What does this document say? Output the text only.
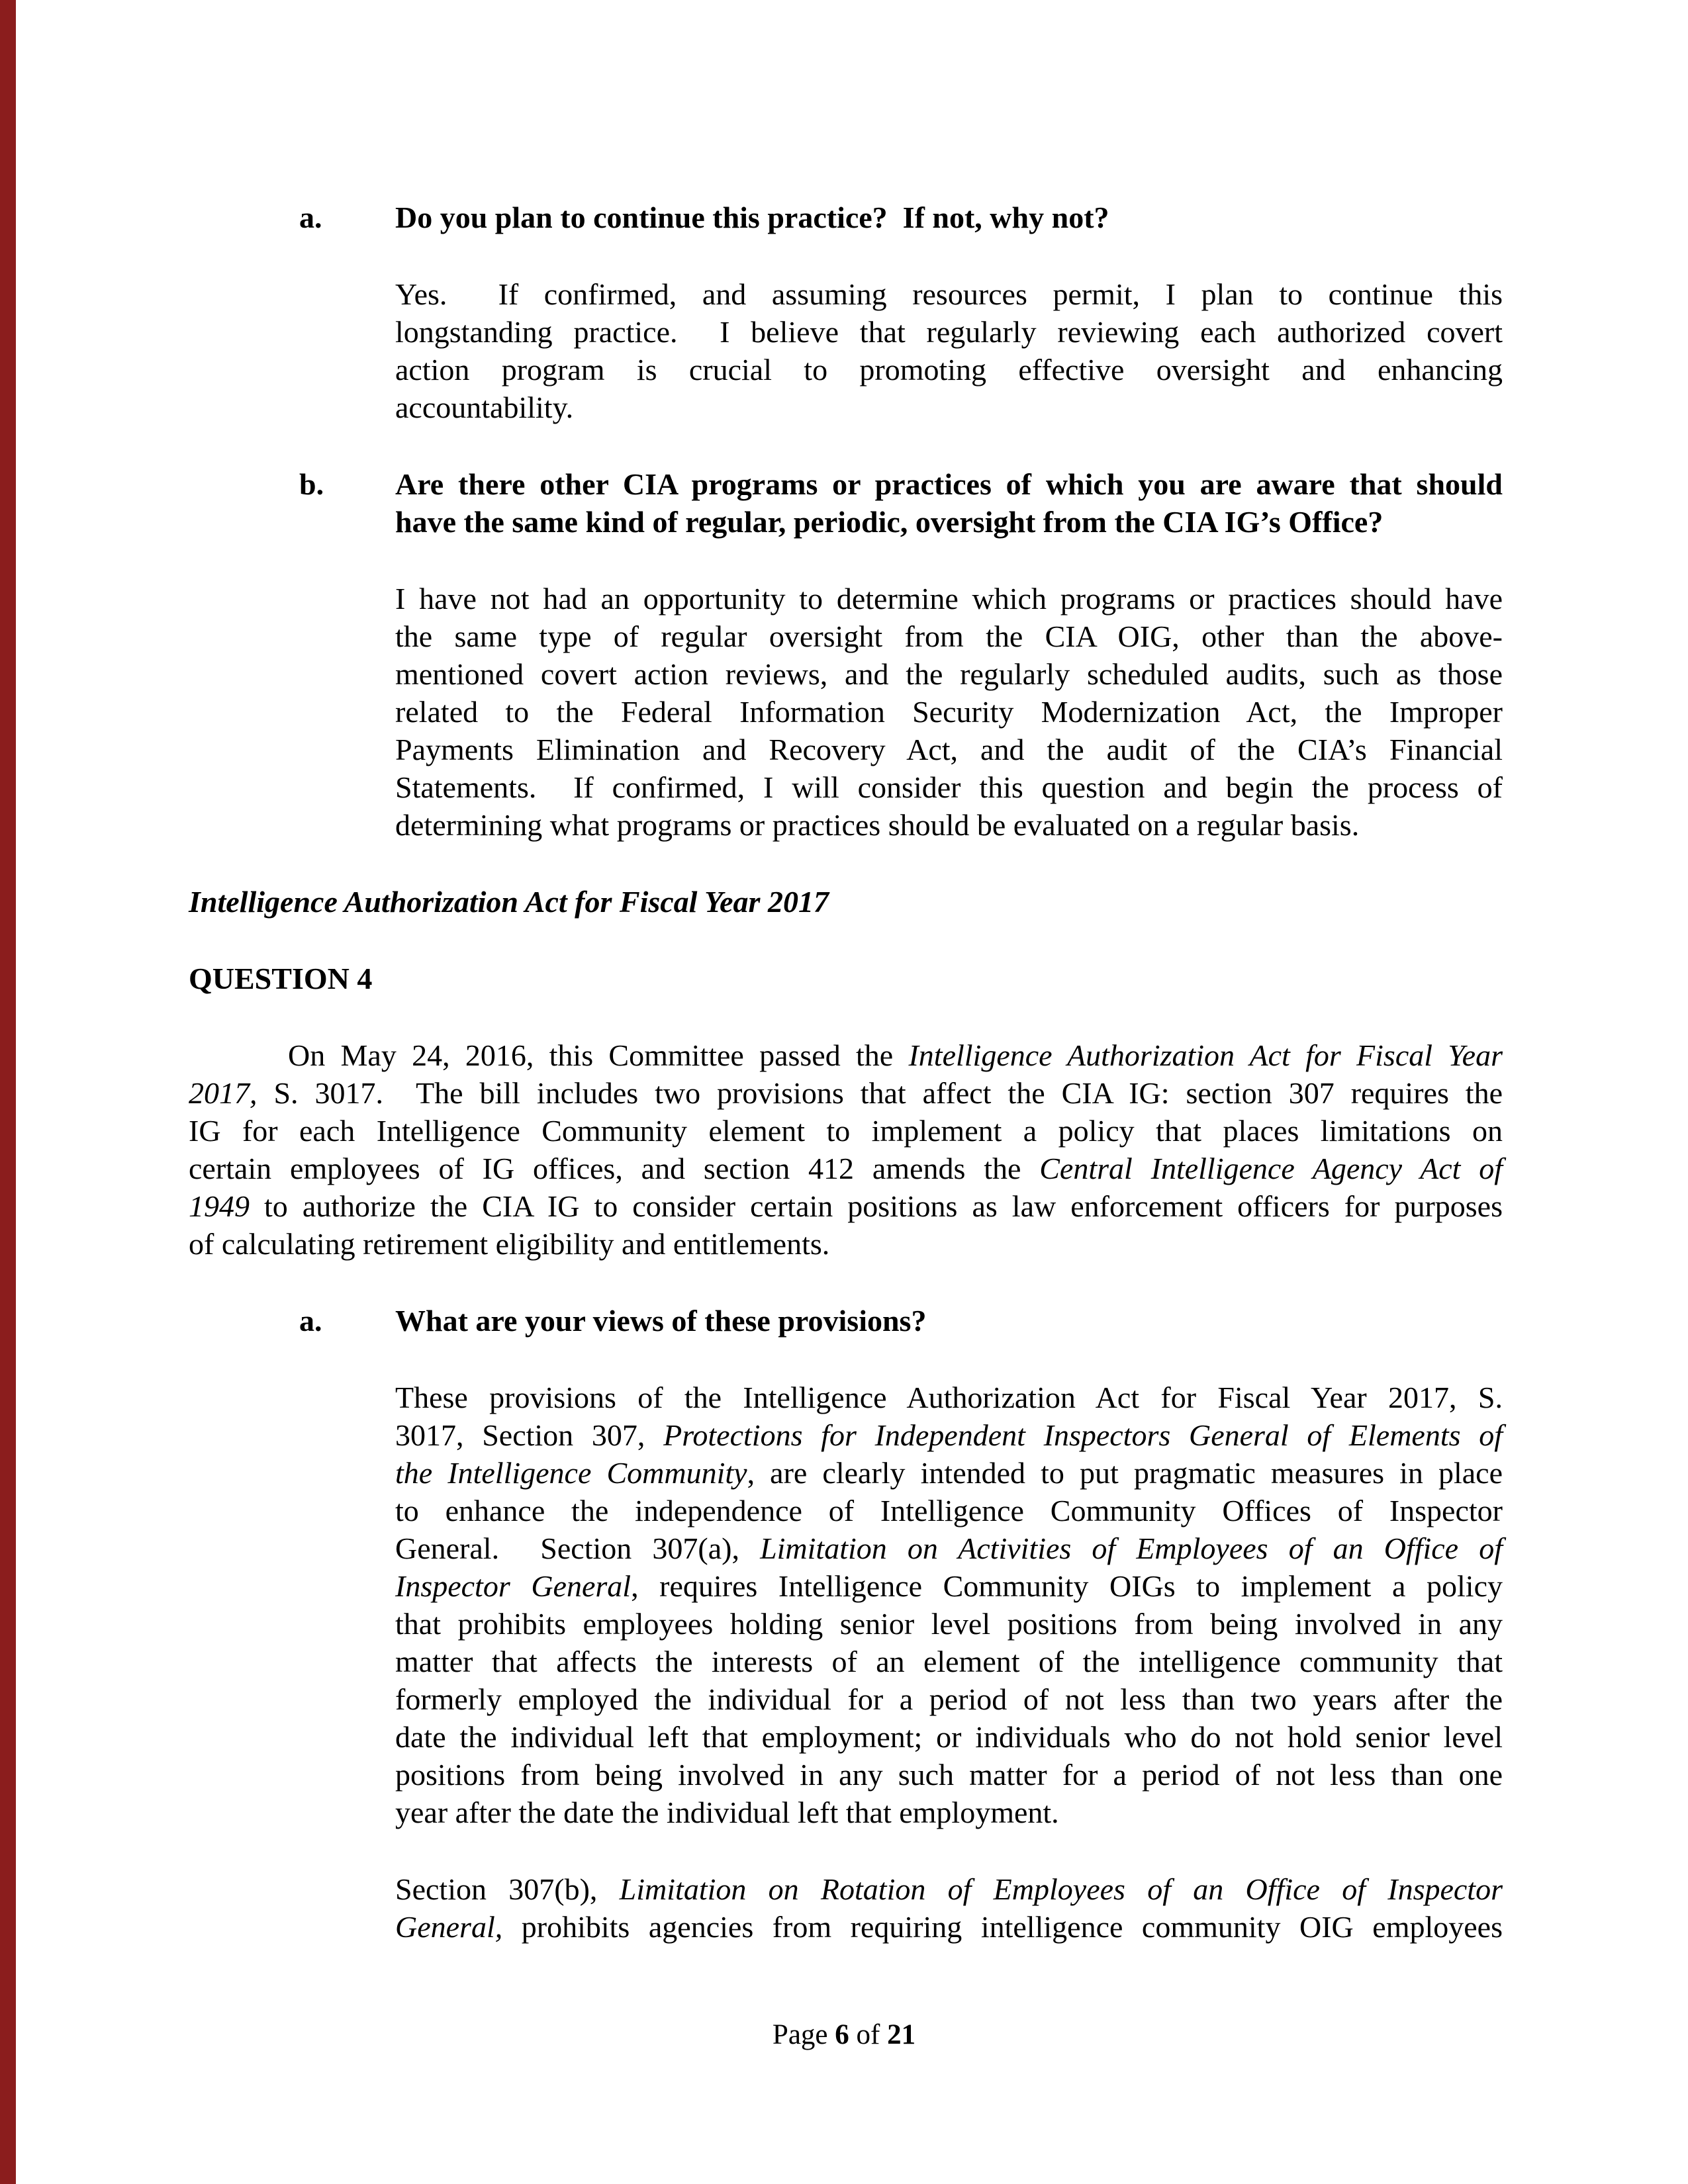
a. Do you plan to continue this practice?  If not, why not?
Yes.  If confirmed, and assuming resources permit, I plan to continue this
longstanding practice.  I believe that regularly reviewing each authorized covert
action program is crucial to promoting effective oversight and enhancing
accountability.
b. Are there other CIA programs or practices of which you are aware that should
have the same kind of regular, periodic, oversight from the CIA IG’s Office?
I have not had an opportunity to determine which programs or practices should have
the same type of regular oversight from the CIA OIG, other than the above-
mentioned covert action reviews, and the regularly scheduled audits, such as those
related to the Federal Information Security Modernization Act, the Improper
Payments Elimination and Recovery Act, and the audit of the CIA’s Financial
Statements.  If confirmed, I will consider this question and begin the process of
determining what programs or practices should be evaluated on a regular basis.
Intelligence Authorization Act for Fiscal Year 2017
QUESTION 4
On May 24, 2016, this Committee passed the Intelligence Authorization Act for Fiscal Year
2017, S. 3017.  The bill includes two provisions that affect the CIA IG: section 307 requires the
IG for each Intelligence Community element to implement a policy that places limitations on
certain employees of IG offices, and section 412 amends the Central Intelligence Agency Act of
1949 to authorize the CIA IG to consider certain positions as law enforcement officers for purposes
of calculating retirement eligibility and entitlements.
a. What are your views of these provisions?
These provisions of the Intelligence Authorization Act for Fiscal Year 2017, S.
3017, Section 307, Protections for Independent Inspectors General of Elements of
the Intelligence Community, are clearly intended to put pragmatic measures in place
to enhance the independence of Intelligence Community Offices of Inspector
General.  Section 307(a), Limitation on Activities of Employees of an Office of
Inspector General, requires Intelligence Community OIGs to implement a policy
that prohibits employees holding senior level positions from being involved in any
matter that affects the interests of an element of the intelligence community that
formerly employed the individual for a period of not less than two years after the
date the individual left that employment; or individuals who do not hold senior level
positions from being involved in any such matter for a period of not less than one
year after the date the individual left that employment.
Section 307(b), Limitation on Rotation of Employees of an Office of Inspector
General, prohibits agencies from requiring intelligence community OIG employees
Page 6 of 21
